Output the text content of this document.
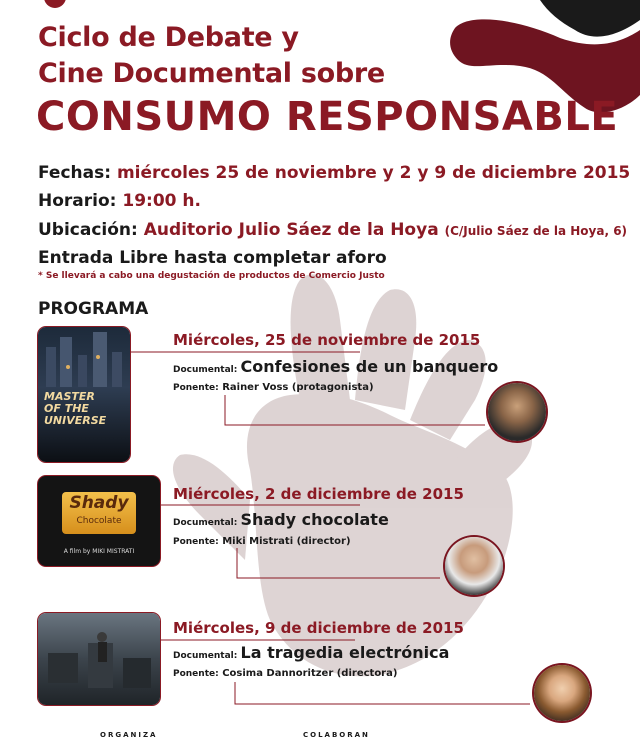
Ciclo de Debate y
Cine Documental sobre
CONSUMO RESPONSABLE
Fechas: miércoles 25 de noviembre y 2 y 9 de diciembre 2015
Horario: 19:00 h.
Ubicación: Auditorio Julio Sáez de la Hoya (C/Julio Sáez de la Hoya, 6)
Entrada Libre hasta completar aforo
* Se llevará a cabo una degustación de productos de Comercio Justo
PROGRAMA
MASTER OF THE UNIVERSE
Miércoles, 25 de noviembre de 2015
Documental: Confesiones de un banquero
Ponente: Rainer Voss (protagonista)
Shady
Chocolate
A film by MIKI MISTRATI
Miércoles, 2 de diciembre de 2015
Documental: Shady chocolate
Ponente: Miki Mistrati (director)
Miércoles, 9 de diciembre de 2015
Documental: La tragedia electrónica
Ponente: Cosima Dannoritzer (directora)
ORGANIZA	COLABORAN
